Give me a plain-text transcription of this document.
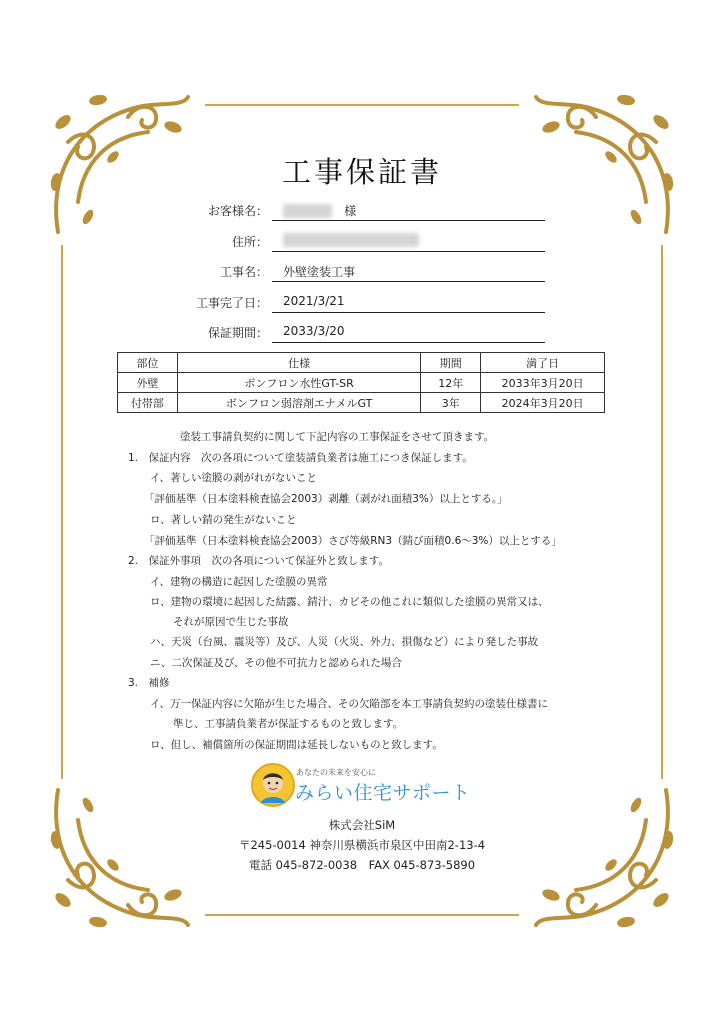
工事保証書
お客様名：
　	様
住所：
工事名： 外壁塗装工事
工事完了日： 2021/3/21
保証期間： 2033/3/20
部位	仕様	期間	満了日
外壁	ボンフロン水性GT-SR	12年	2033年3月20日
付帯部	ボンフロン弱溶剤エナメルGT	3年	2024年3月20日
塗装工事請負契約に関して下記内容の工事保証をさせて頂きます。
1.　保証内容　次の各項について塗装請負業者は施工につき保証します。
イ、著しい塗膜の剥がれがないこと
「評価基準（日本塗料検査協会2003）剥離（剥がれ面積3%）以上とする。」
ロ、著しい錆の発生がないこと
「評価基準（日本塗料検査協会2003）さび等級RN3（錆び面積0.6〜3%）以上とする」
2.　保証外事項　次の各項について保証外と致します。
イ、建物の構造に起因した塗膜の異常
ロ、建物の環境に起因した結露、錆汁、カビその他これに類似した塗膜の異常又は、
それが原因で生じた事故
ハ、天災（台風、震災等）及び、人災（火災、外力、損傷など）により発した事故
ニ、二次保証及び、その他不可抗力と認められた場合
3.　補修
イ、万一保証内容に欠陥が生じた場合、その欠陥部を本工事請負契約の塗装仕様書に
準じ、工事請負業者が保証するものと致します。
ロ、但し、補償箇所の保証期間は延長しないものと致します。
あなたの未来を安心に
みらい住宅サポート
株式会社SiM
〒245-0014 神奈川県横浜市泉区中田南2-13-4
電話 045-872-0038　FAX 045-873-5890
